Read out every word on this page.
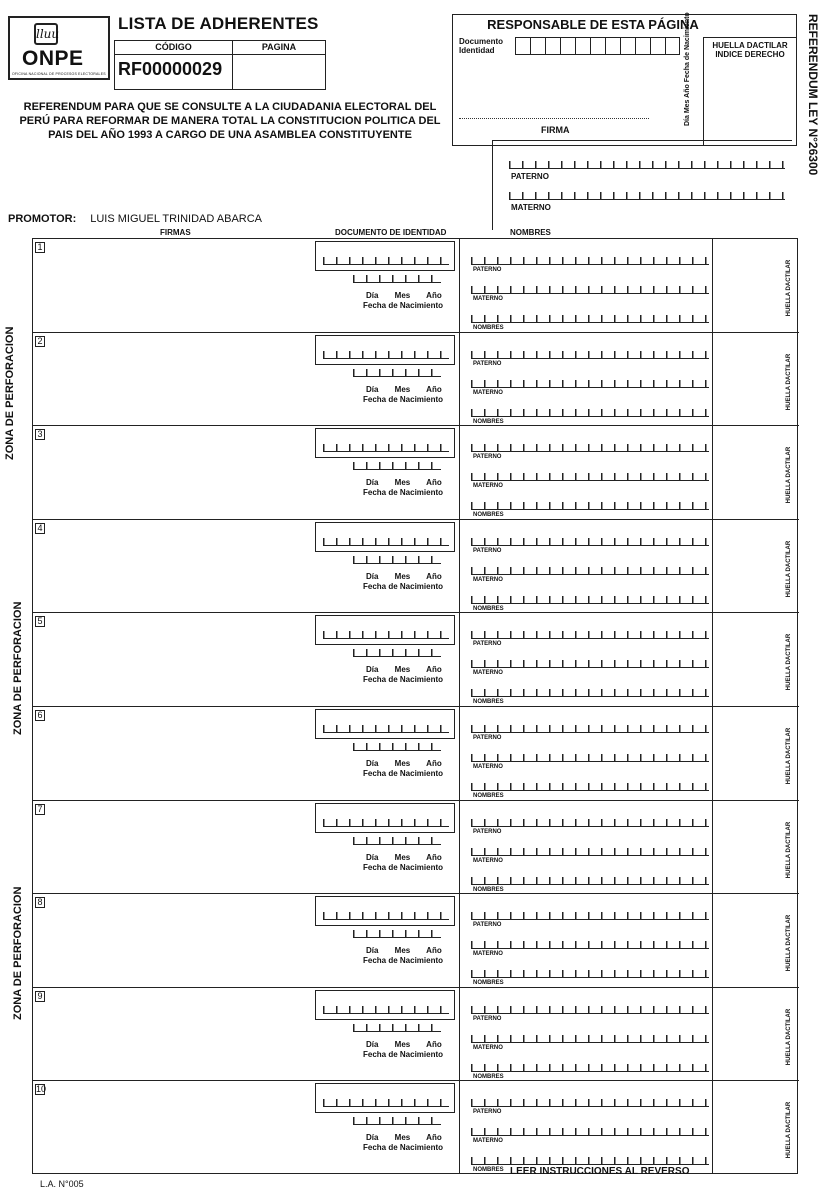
lluu
ONPE
OFICINA NACIONAL DE PROCESOS ELECTORALES
LISTA DE ADHERENTES
CÓDIGO	PAGINA
RF00000029
REFERENDUM PARA QUE SE CONSULTE A LA CIUDADANIA ELECTORAL DEL PERÚ PARA REFORMAR DE MANERA TOTAL LA CONSTITUCION POLITICA DEL PAIS DEL AÑO 1993 A CARGO DE UNA ASAMBLEA CONSTITUYENTE
PROMOTOR: LUIS MIGUEL TRINIDAD ABARCA
RESPONSABLE DE ESTA PÁGINA
Documento Identidad	Día Mes Año Fecha de Nacimiento	HUELLA DACTILAR INDICE DERECHO
FIRMA	REFERENDUM LEY N°26300
PATERNO
MATERNO
FIRMAS	DOCUMENTO DE IDENTIDAD	NOMBRES
ZONA DE PERFORACION
ZONA DE PERFORACION
ZONA DE PERFORACION
1
Día Mes Año
Fecha de Nacimiento
PATERNO
MATERNO
NOMBRES
HUELLA DACTILAR
2
Día Mes Año
Fecha de Nacimiento
PATERNO
MATERNO
NOMBRES
HUELLA DACTILAR
3
Día Mes Año
Fecha de Nacimiento
PATERNO
MATERNO
NOMBRES
HUELLA DACTILAR
4
Día Mes Año
Fecha de Nacimiento
PATERNO
MATERNO
NOMBRES
HUELLA DACTILAR
5
Día Mes Año
Fecha de Nacimiento
PATERNO
MATERNO
NOMBRES
HUELLA DACTILAR
6
Día Mes Año
Fecha de Nacimiento
PATERNO
MATERNO
NOMBRES
HUELLA DACTILAR
7
Día Mes Año
Fecha de Nacimiento
PATERNO
MATERNO
NOMBRES
HUELLA DACTILAR
8
Día Mes Año
Fecha de Nacimiento
PATERNO
MATERNO
NOMBRES
HUELLA DACTILAR
9
Día Mes Año
Fecha de Nacimiento
PATERNO
MATERNO
NOMBRES
HUELLA DACTILAR
10
Día Mes Año
Fecha de Nacimiento
PATERNO
MATERNO
NOMBRES
HUELLA DACTILAR
L.A. N°005
LEER INSTRUCCIONES AL REVERSO
